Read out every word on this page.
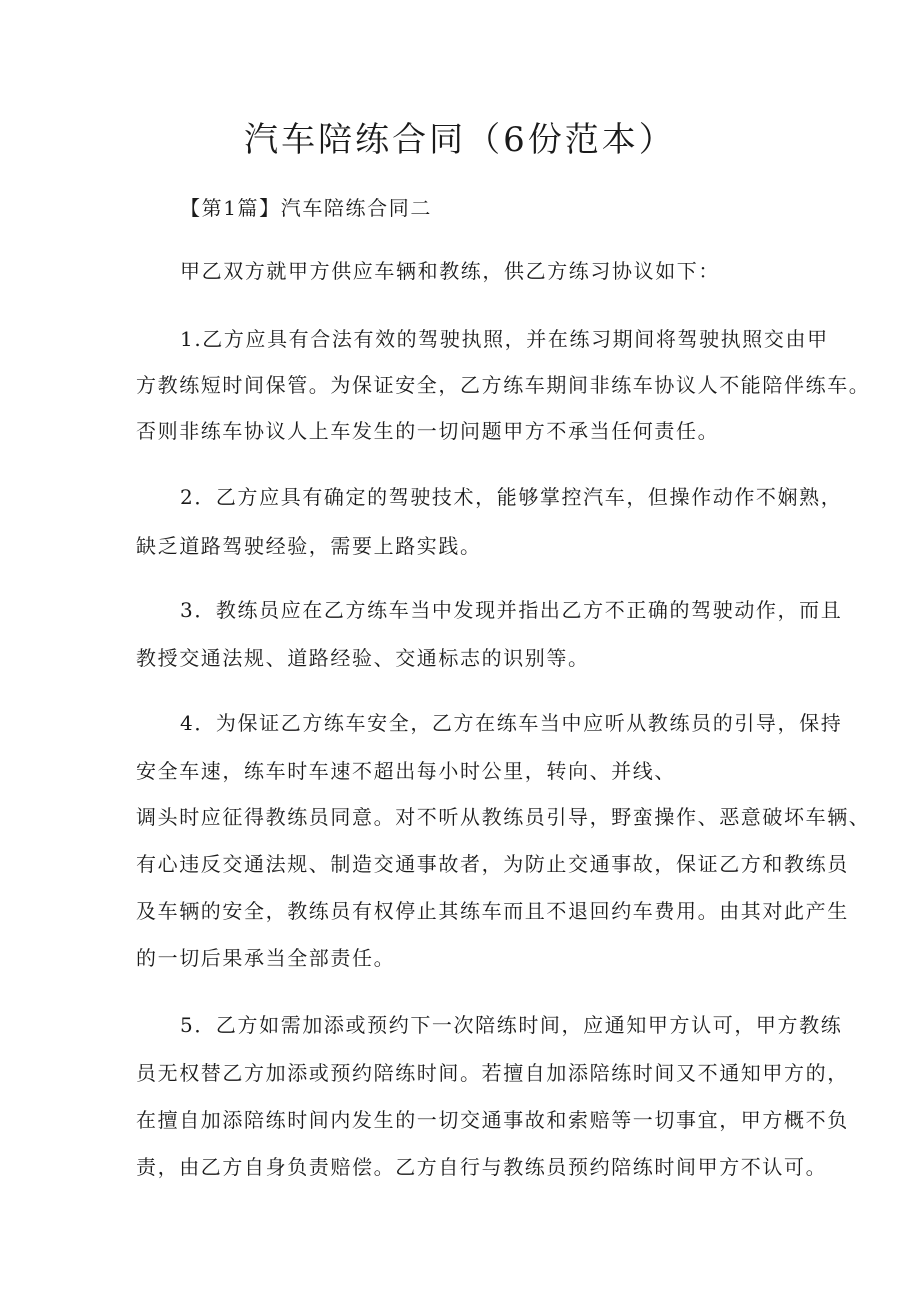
汽车陪练合同（6份范本）

【第1篇】汽车陪练合同二

甲乙双方就甲方供应车辆和教练，供乙方练习协议如下：

1.乙方应具有合法有效的驾驶执照，并在练习期间将驾驶执照交由甲

方教练短时间保管。为保证安全，乙方练车期间非练车协议人不能陪伴练车。

否则非练车协议人上车发生的一切问题甲方不承当任何责任。

2．乙方应具有确定的驾驶技术，能够掌控汽车，但操作动作不娴熟，

缺乏道路驾驶经验，需要上路实践。

3．教练员应在乙方练车当中发现并指出乙方不正确的驾驶动作，而且

教授交通法规、道路经验、交通标志的识别等。

4．为保证乙方练车安全，乙方在练车当中应听从教练员的引导，保持

安全车速，练车时车速不超出每小时公里，转向、并线、

调头时应征得教练员同意。对不听从教练员引导，野蛮操作、恶意破坏车辆、

有心违反交通法规、制造交通事故者，为防止交通事故，保证乙方和教练员

及车辆的安全，教练员有权停止其练车而且不退回约车费用。由其对此产生

的一切后果承当全部责任。

5．乙方如需加添或预约下一次陪练时间，应通知甲方认可，甲方教练

员无权替乙方加添或预约陪练时间。若擅自加添陪练时间又不通知甲方的，

在擅自加添陪练时间内发生的一切交通事故和索赔等一切事宜，甲方概不负

责，由乙方自身负责赔偿。乙方自行与教练员预约陪练时间甲方不认可。
